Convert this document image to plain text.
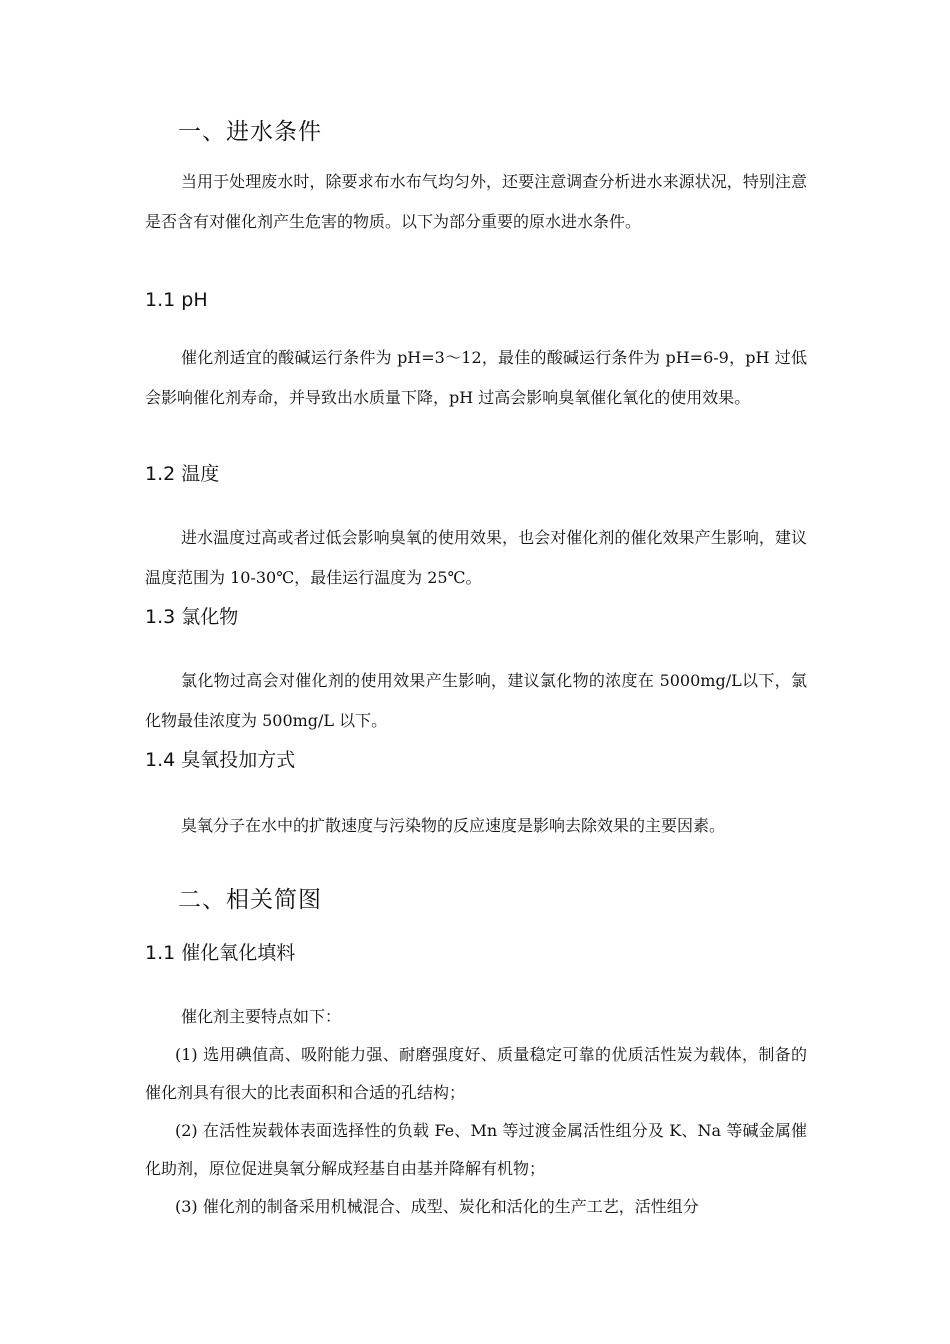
一、进水条件
当用于处理废水时，除要求布水布气均匀外，还要注意调查分析进水来源状况，特别注意是否含有对催化剂产生危害的物质。以下为部分重要的原水进水条件。
1.1 pH
催化剂适宜的酸碱运行条件为 pH=3～12，最佳的酸碱运行条件为 pH=6-9，pH 过低会影响催化剂寿命，并导致出水质量下降，pH 过高会影响臭氧催化氧化的使用效果。
1.2 温度
进水温度过高或者过低会影响臭氧的使用效果，也会对催化剂的催化效果产生影响，建议温度范围为 10-30℃，最佳运行温度为 25℃。
1.3 氯化物
氯化物过高会对催化剂的使用效果产生影响，建议氯化物的浓度在 5000mg/L以下，氯化物最佳浓度为 500mg/L 以下。
1.4 臭氧投加方式
臭氧分子在水中的扩散速度与污染物的反应速度是影响去除效果的主要因素。
二、相关简图
1.1 催化氧化填料
催化剂主要特点如下：
(1) 选用碘值高、吸附能力强、耐磨强度好、质量稳定可靠的优质活性炭为载体，制备的催化剂具有很大的比表面积和合适的孔结构；
(2) 在活性炭载体表面选择性的负载 Fe、Mn 等过渡金属活性组分及 K、Na 等碱金属催化助剂，原位促进臭氧分解成羟基自由基并降解有机物；
(3) 催化剂的制备采用机械混合、成型、炭化和活化的生产工艺，活性组分
